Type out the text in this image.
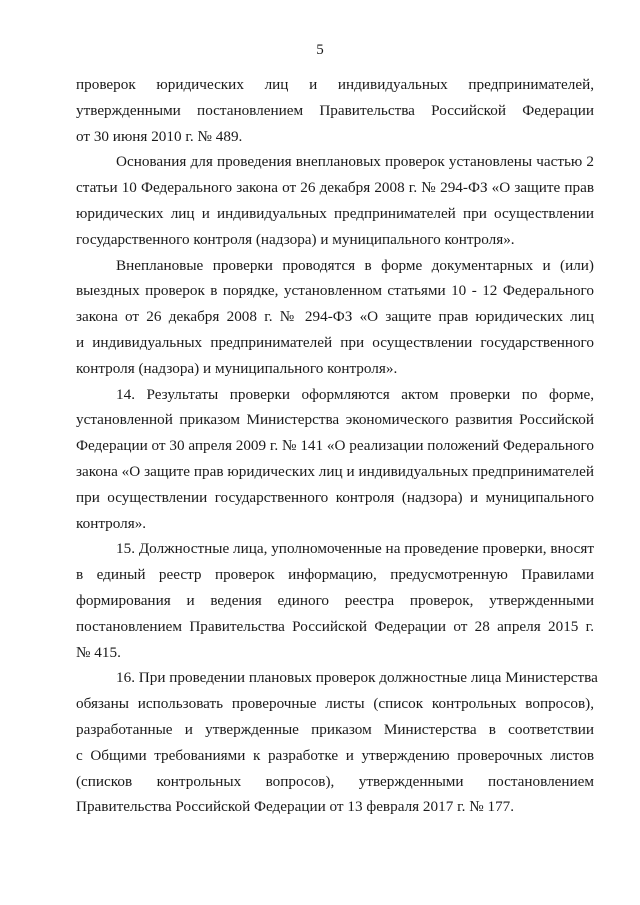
5

проверок юридических лиц и индивидуальных предпринимателей,
утвержденными постановлением Правительства Российской Федерации
от 30 июня 2010 г. № 489.

Основания для проведения внеплановых проверок установлены частью 2
статьи 10 Федерального закона от 26 декабря 2008 г. № 294-ФЗ «О защите прав
юридических лиц и индивидуальных предпринимателей при осуществлении
государственного контроля (надзора) и муниципального контроля».

Внеплановые проверки проводятся в форме документарных и (или)
выездных проверок в порядке, установленном статьями 10 - 12 Федерального
закона от 26 декабря 2008 г. № 294-ФЗ «О защите прав юридических лиц
и индивидуальных предпринимателей при осуществлении государственного
контроля (надзора) и муниципального контроля».

14. Результаты проверки оформляются актом проверки по форме,
установленной приказом Министерства экономического развития Российской
Федерации от 30 апреля 2009 г. № 141 «О реализации положений Федерального
закона «О защите прав юридических лиц и индивидуальных предпринимателей
при осуществлении государственного контроля (надзора) и муниципального
контроля».

15. Должностные лица, уполномоченные на проведение проверки, вносят
в единый реестр проверок информацию, предусмотренную Правилами
формирования и ведения единого реестра проверок, утвержденными
постановлением Правительства Российской Федерации от 28 апреля 2015 г.
№ 415.

16. При проведении плановых проверок должностные лица Министерства
обязаны использовать проверочные листы (список контрольных вопросов),
разработанные и утвержденные приказом Министерства в соответствии
с Общими требованиями к разработке и утверждению проверочных листов
(списков контрольных вопросов), утвержденными постановлением
Правительства Российской Федерации от 13 февраля 2017 г. № 177.
